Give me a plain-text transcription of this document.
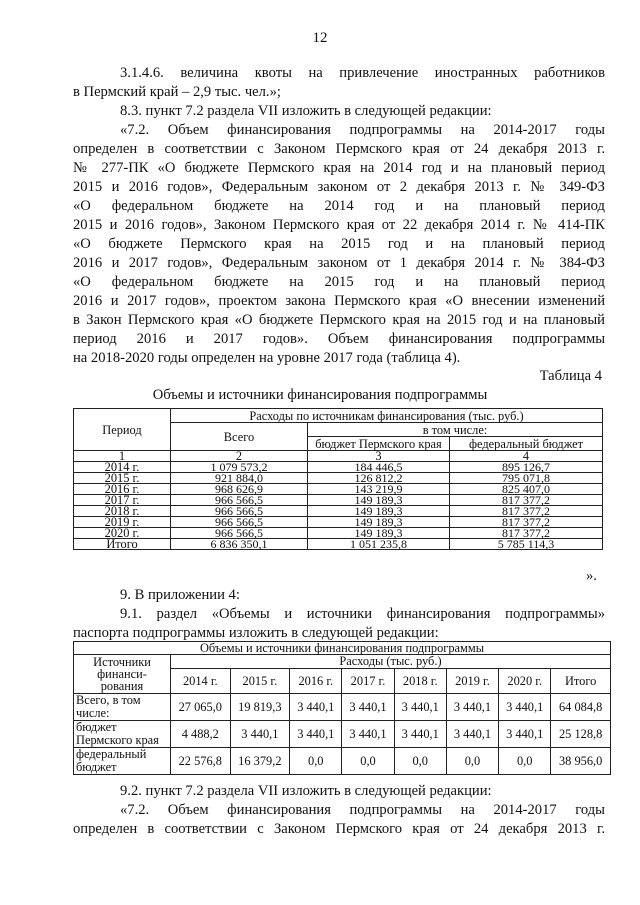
12
3.1.4.6. величина квоты на привлечение иностранных работников
в Пермский край – 2,9 тыс. чел.»;
8.3. пункт 7.2 раздела VII изложить в следующей редакции:
«7.2. Объем финансирования подпрограммы на 2014-2017 годы
определен в соответствии с Законом Пермского края от 24 декабря 2013 г.
№ 277-ПК «О бюджете Пермского края на 2014 год и на плановый период
2015 и 2016 годов», Федеральным законом от 2 декабря 2013 г. № 349-ФЗ
«О федеральном бюджете на 2014 год и на плановый период
2015 и 2016 годов», Законом Пермского края от 22 декабря 2014 г. № 414-ПК
«О бюджете Пермского края на 2015 год и на плановый период
2016 и 2017 годов», Федеральным законом от 1 декабря 2014 г. № 384-ФЗ
«О федеральном бюджете на 2015 год и на плановый период
2016 и 2017 годов», проектом закона Пермского края «О внесении изменений
в Закон Пермского края «О бюджете Пермского края на 2015 год и на плановый
период 2016 и 2017 годов». Объем финансирования подпрограммы
на 2018-2020 годы определен на уровне 2017 года (таблица 4).
Таблица 4
Объемы и источники финансирования подпрограммы
Период	Расходы по источникам финансирования (тыс. руб.)		
	Всего	в том числе:	
		бюджет Пермского края	федеральный бюджет
1	2	3	4
2014 г.	1 079 573,2	184 446,5	895 126,7
2015 г.	921 884,0	126 812,2	795 071,8
2016 г.	968 626,9	143 219,9	825 407,0
2017 г.	966 566,5	149 189,3	817 377,2
2018 г.	966 566,5	149 189,3	817 377,2
2019 г.	966 566,5	149 189,3	817 377,2
2020 г.	966 566,5	149 189,3	817 377,2
Итого	6 836 350,1	1 051 235,8	5 785 114,3
».
9. В приложении 4:
9.1. раздел «Объемы и источники финансирования подпрограммы»
паспорта подпрограммы изложить в следующей редакции:
Объемы и источники финансирования подпрограммы								
Источники финанси-рования	Расходы (тыс. руб.)							
	2014 г.	2015 г.	2016 г.	2017 г.	2018 г.	2019 г.	2020 г.	Итого
Всего, в том числе:	27 065,0	19 819,3	3 440,1	3 440,1	3 440,1	3 440,1	3 440,1	64 084,8
бюджет Пермского края	4 488,2	3 440,1	3 440,1	3 440,1	3 440,1	3 440,1	3 440,1	25 128,8
федеральный бюджет	22 576,8	16 379,2	0,0	0,0	0,0	0,0	0,0	38 956,0
9.2. пункт 7.2 раздела VII изложить в следующей редакции:
«7.2. Объем финансирования подпрограммы на 2014-2017 годы
определен в соответствии с Законом Пермского края от 24 декабря 2013 г.
